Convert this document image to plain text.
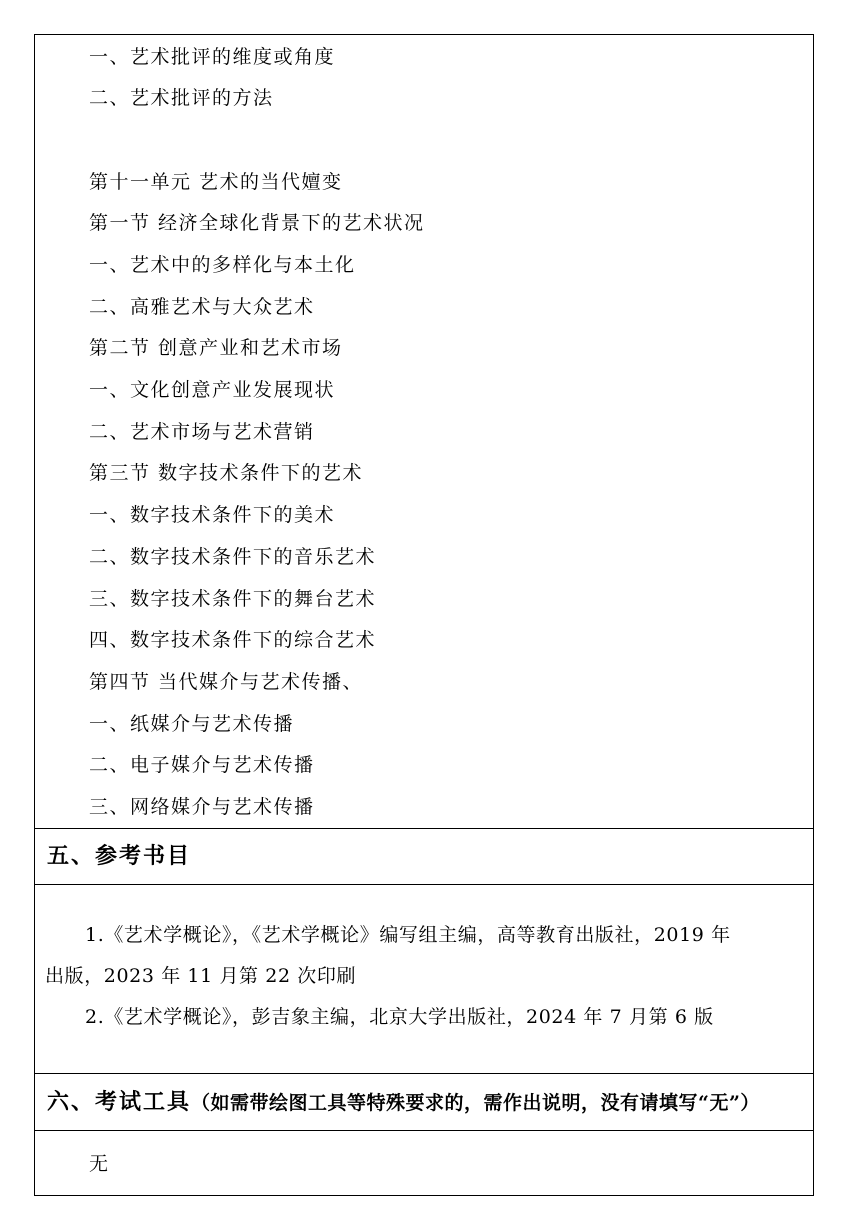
一、艺术批评的维度或角度
二、艺术批评的方法
第十一单元 艺术的当代嬗变
第一节 经济全球化背景下的艺术状况
一、艺术中的多样化与本土化
二、高雅艺术与大众艺术
第二节 创意产业和艺术市场
一、文化创意产业发展现状
二、艺术市场与艺术营销
第三节 数字技术条件下的艺术
一、数字技术条件下的美术
二、数字技术条件下的音乐艺术
三、数字技术条件下的舞台艺术
四、数字技术条件下的综合艺术
第四节 当代媒介与艺术传播、
一、纸媒介与艺术传播
二、电子媒介与艺术传播
三、网络媒介与艺术传播
五、参考书目
1.《艺术学概论》，《艺术学概论》编写组主编，高等教育出版社，2019 年
出版，2023 年 11 月第 22 次印刷
2.《艺术学概论》，彭吉象主编，北京大学出版社，2024 年 7 月第 6 版
六、考试工具（如需带绘图工具等特殊要求的，需作出说明，没有请填写“无”）
无
